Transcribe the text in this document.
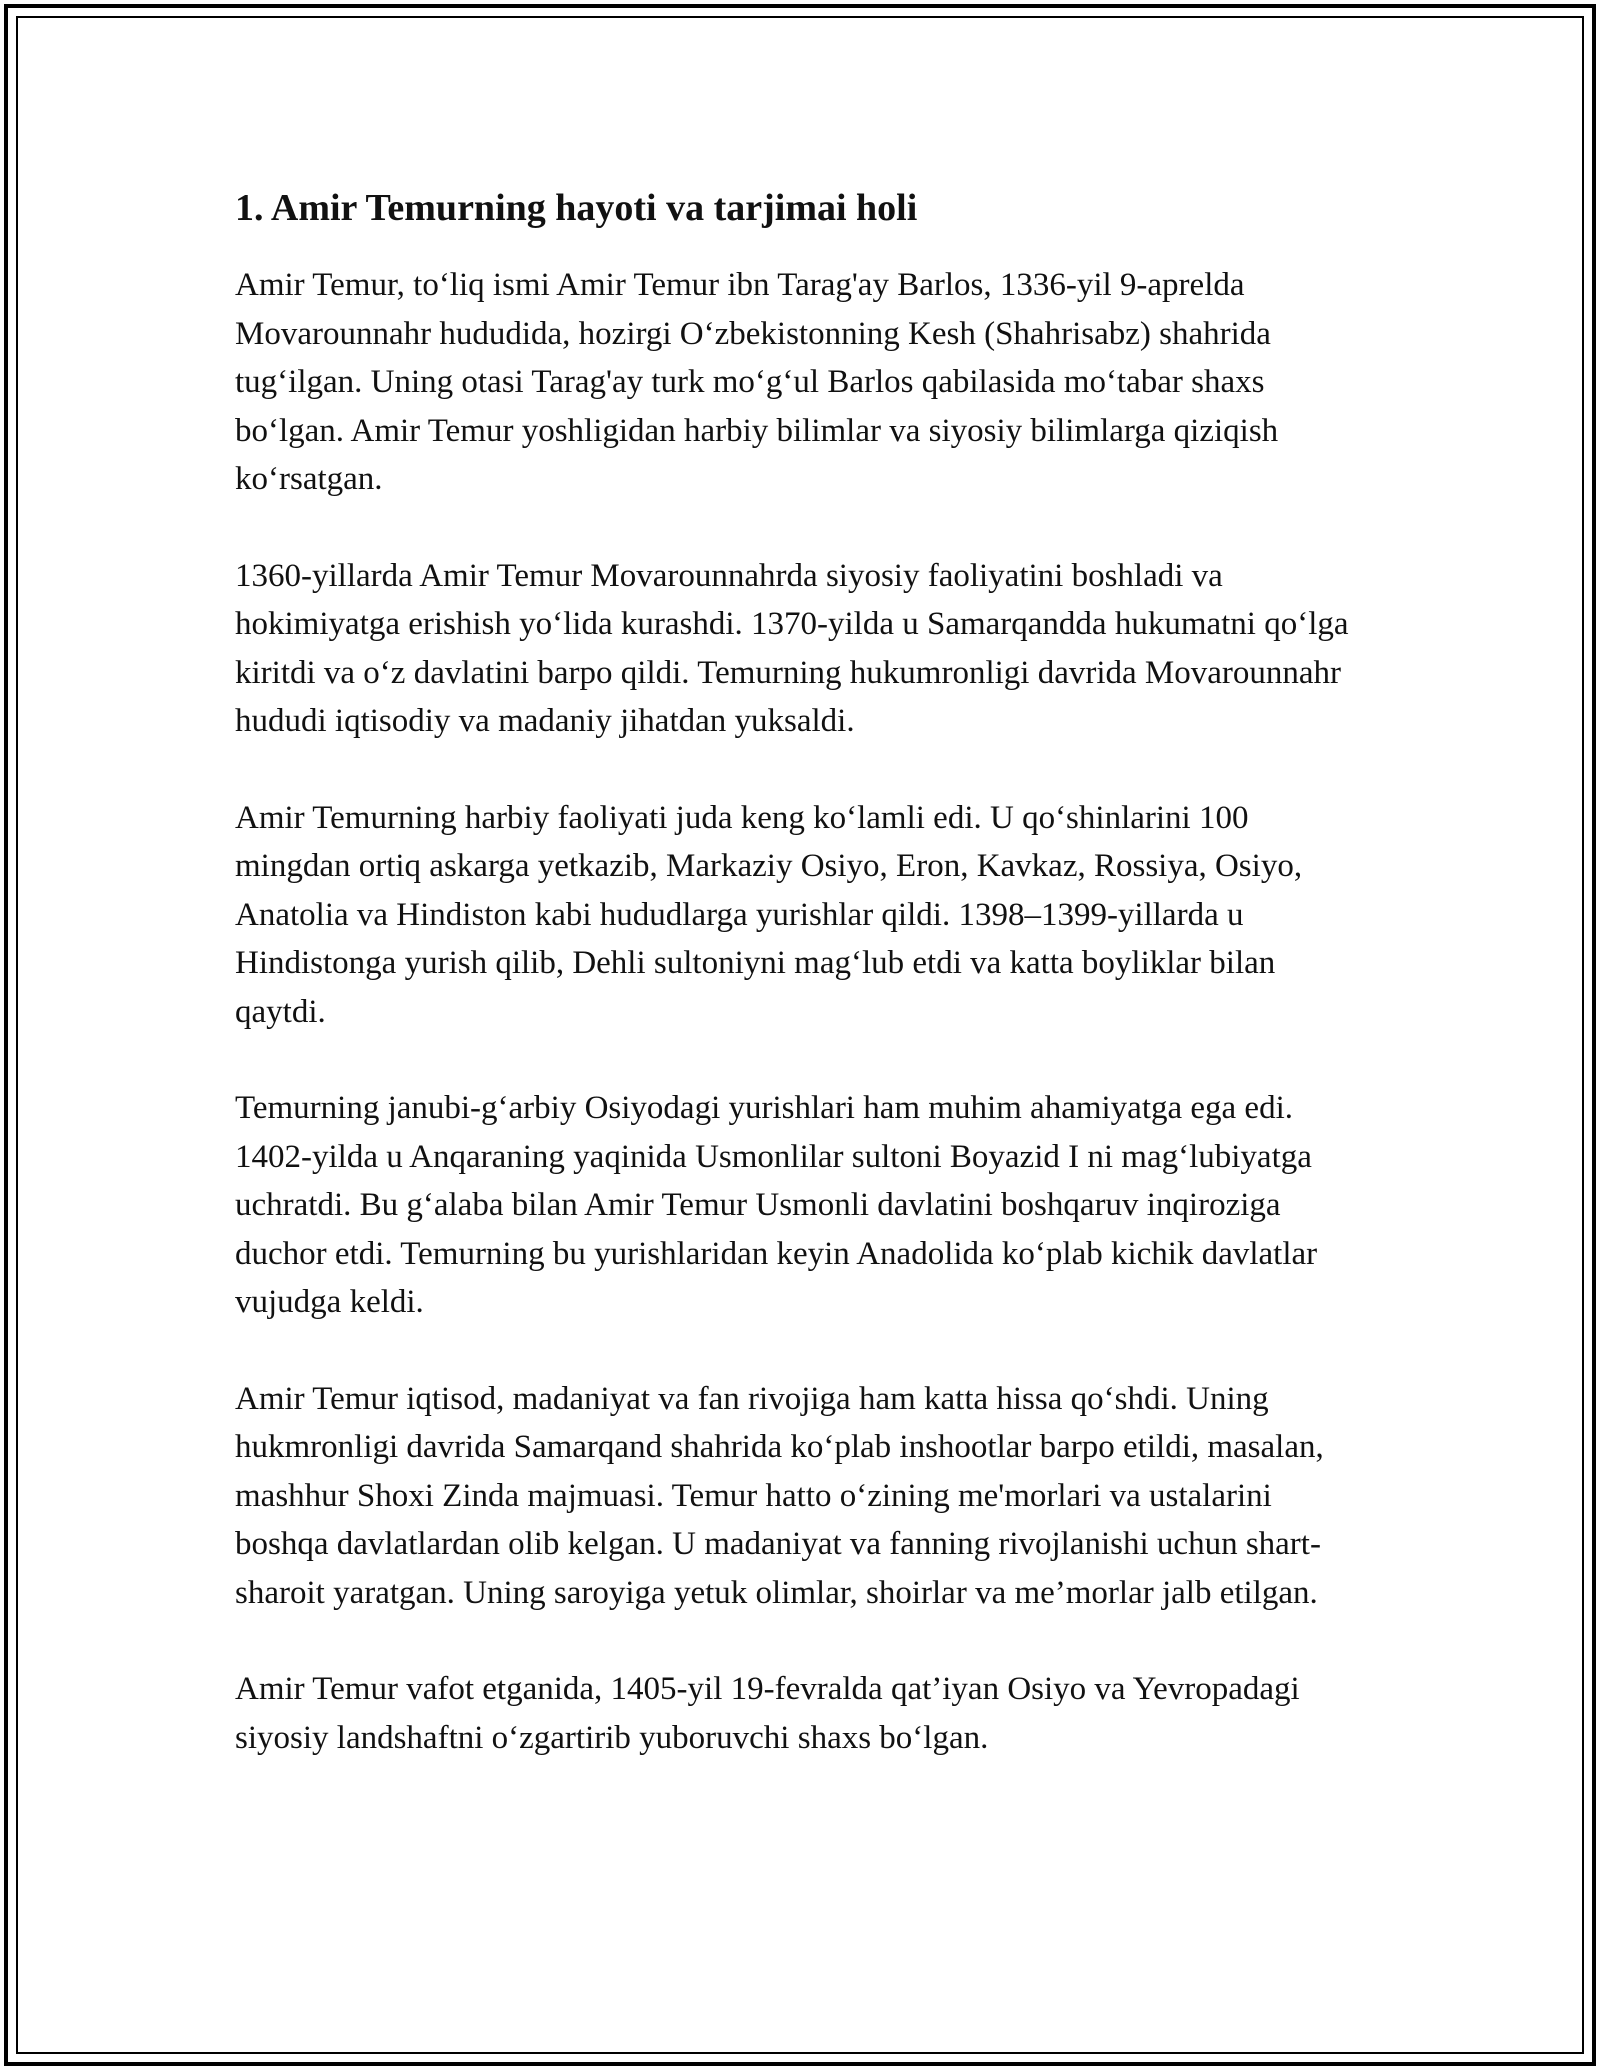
1. Amir Temurning hayoti va tarjimai holi

Amir Temur, to‘liq ismi Amir Temur ibn Tarag'ay Barlos, 1336-yil 9-aprelda Movarounnahr hududida, hozirgi O‘zbekistonning Kesh (Shahrisabz) shahrida tug‘ilgan. Uning otasi Tarag'ay turk mo‘g‘ul Barlos qabilasida mo‘tabar shaxs bo‘lgan. Amir Temur yoshligidan harbiy bilimlar va siyosiy bilimlarga qiziqish ko‘rsatgan.

1360-yillarda Amir Temur Movarounnahrda siyosiy faoliyatini boshladi va hokimiyatga erishish yo‘lida kurashdi. 1370-yilda u Samarqandda hukumatni qo‘lga kiritdi va o‘z davlatini barpo qildi. Temurning hukumronligi davrida Movarounnahr hududi iqtisodiy va madaniy jihatdan yuksaldi.

Amir Temurning harbiy faoliyati juda keng ko‘lamli edi. U qo‘shinlarini 100 mingdan ortiq askarga yetkazib, Markaziy Osiyo, Eron, Kavkaz, Rossiya, Osiyo, Anatolia va Hindiston kabi hududlarga yurishlar qildi. 1398–1399-yillarda u Hindistonga yurish qilib, Dehli sultoniyni mag‘lub etdi va katta boyliklar bilan qaytdi.

Temurning janubi-g‘arbiy Osiyodagi yurishlari ham muhim ahamiyatga ega edi. 1402-yilda u Anqaraning yaqinida Usmonlilar sultoni Boyazid I ni mag‘lubiyatga uchratdi. Bu g‘alaba bilan Amir Temur Usmonli davlatini boshqaruv inqiroziga duchor etdi. Temurning bu yurishlaridan keyin Anadolida ko‘plab kichik davlatlar vujudga keldi.

Amir Temur iqtisod, madaniyat va fan rivojiga ham katta hissa qo‘shdi. Uning hukmronligi davrida Samarqand shahrida ko‘plab inshootlar barpo etildi, masalan, mashhur Shoxi Zinda majmuasi. Temur hatto o‘zining me'morlari va ustalarini boshqa davlatlardan olib kelgan. U madaniyat va fanning rivojlanishi uchun shart-sharoit yaratgan. Uning saroyiga yetuk olimlar, shoirlar va me’morlar jalb etilgan.

Amir Temur vafot etganida, 1405-yil 19-fevralda qat’iyan Osiyo va Yevropadagi siyosiy landshaftni o‘zgartirib yuboruvchi shaxs bo‘lgan.
